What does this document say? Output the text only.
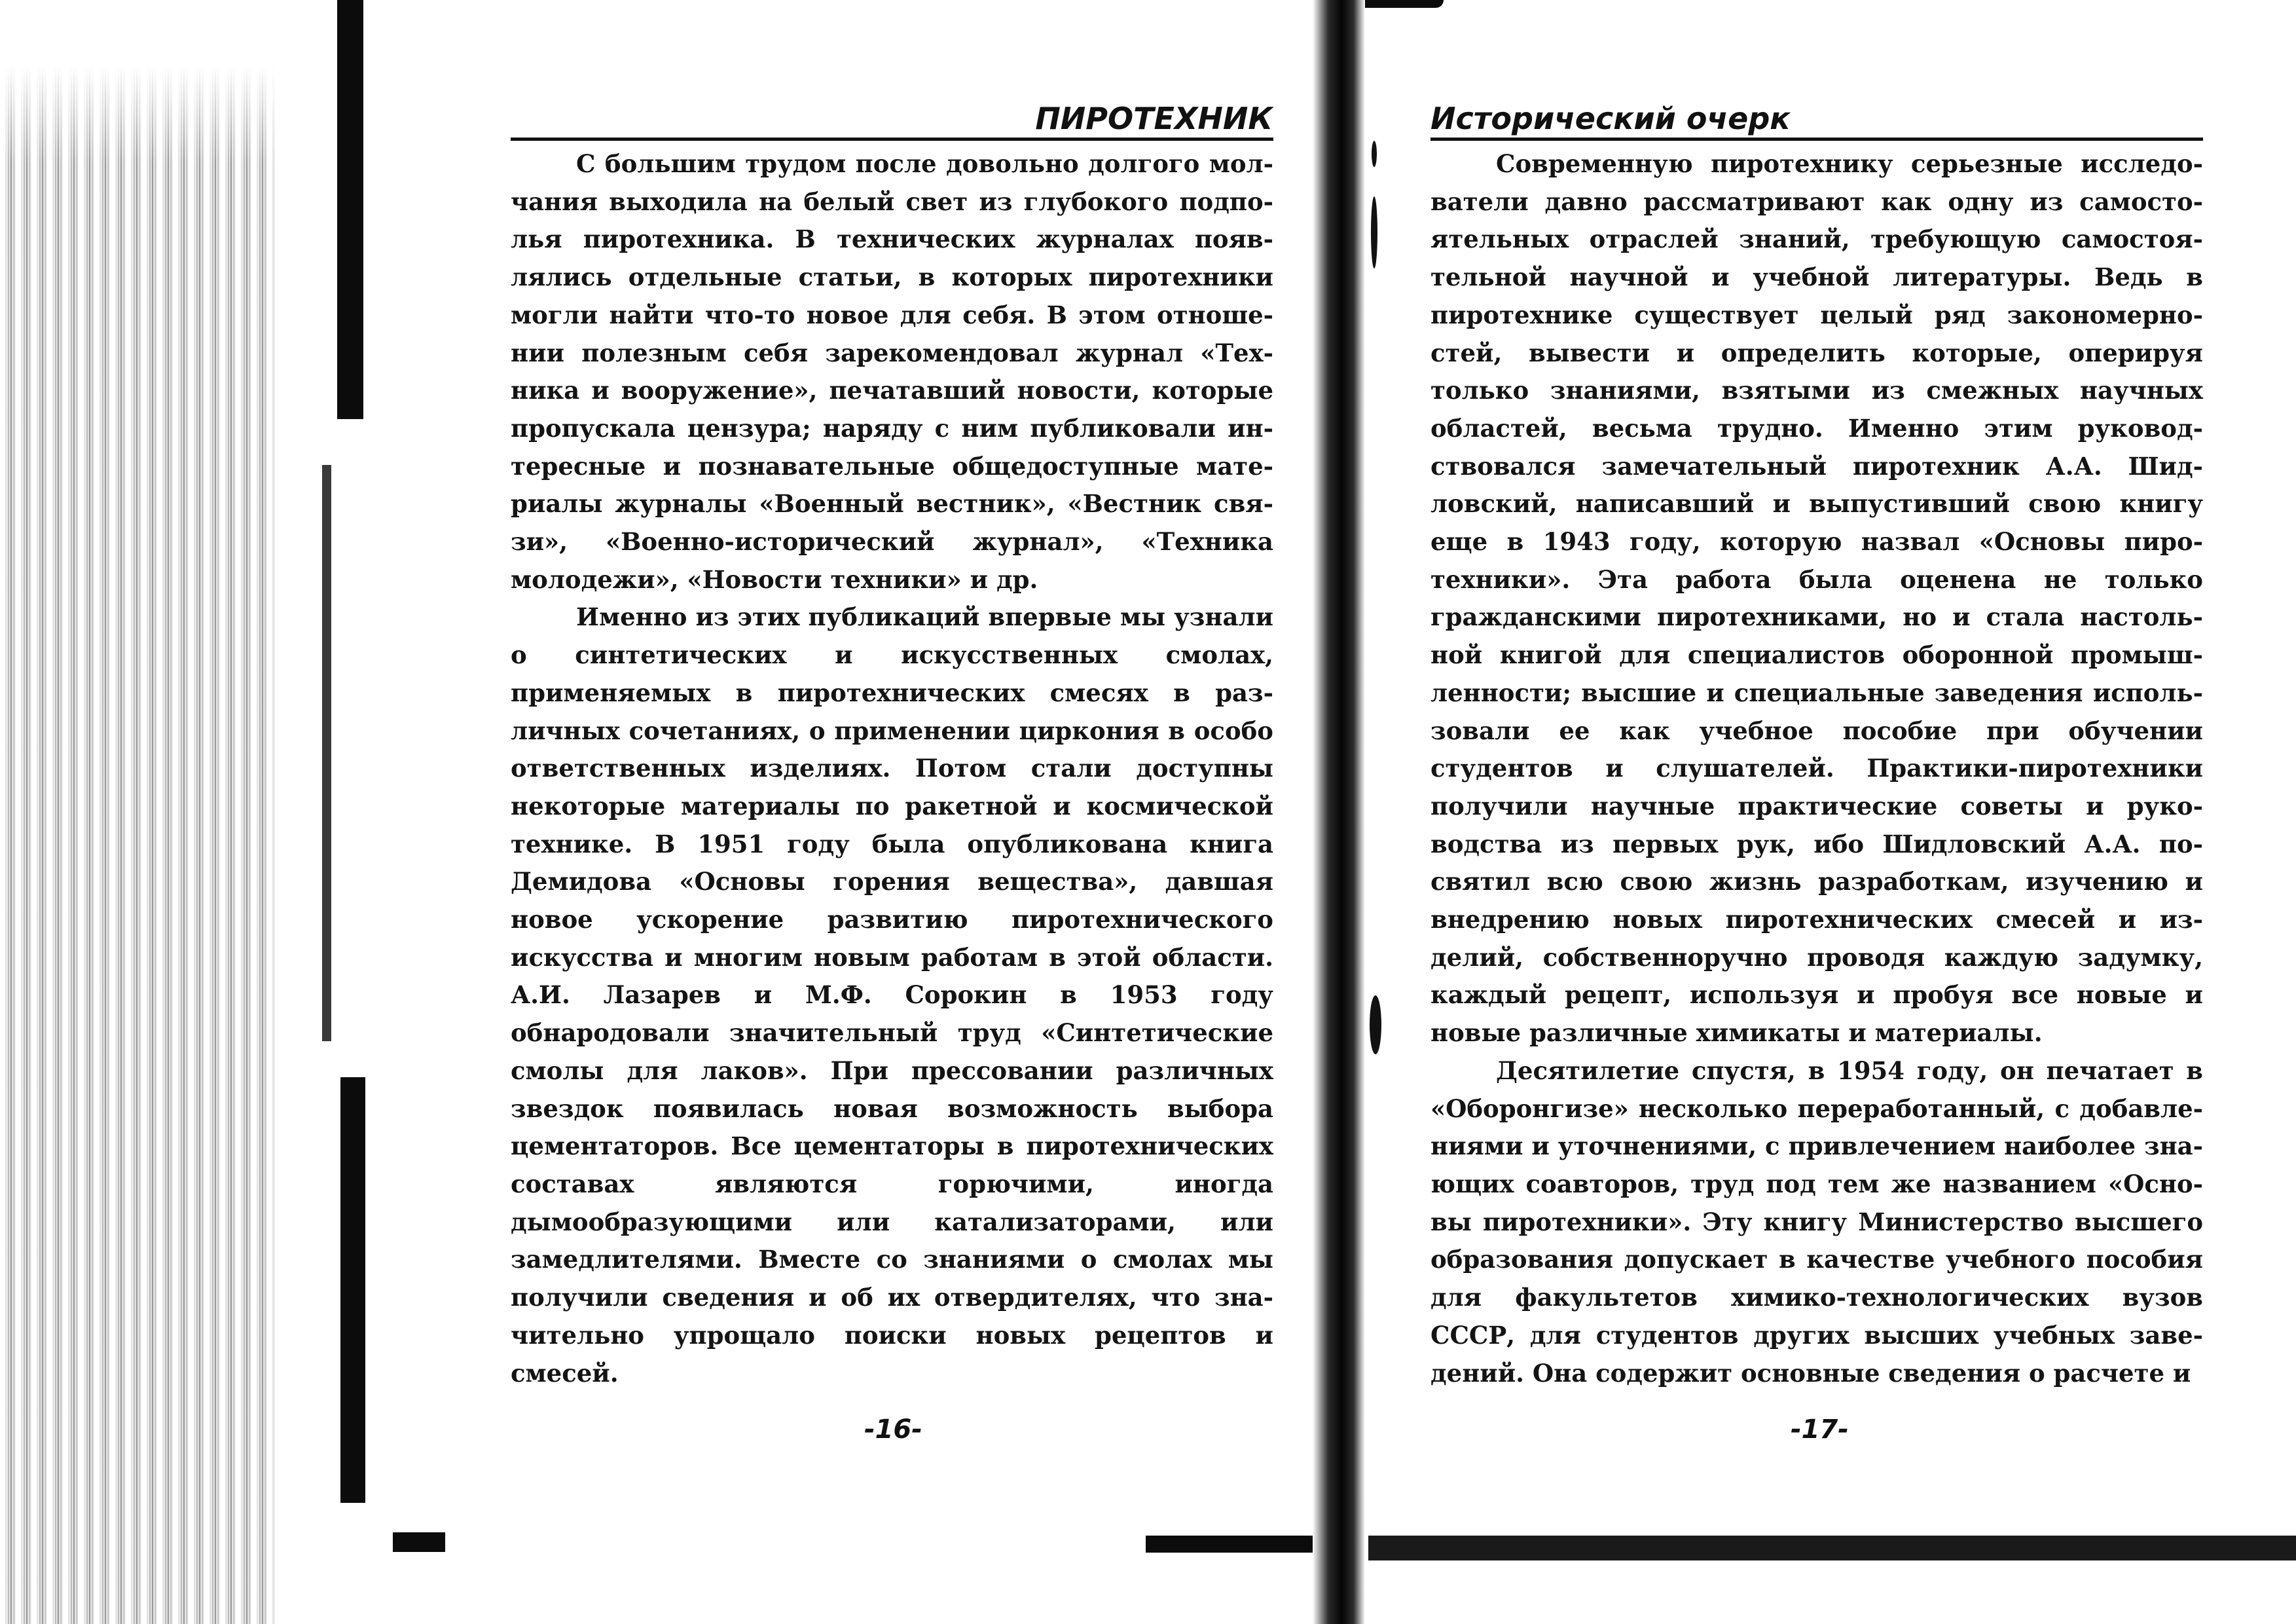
ПИРОТЕХНИК

С большим трудом после довольно долгого молчания выходила на белый свет из глубокого подполья пиротехника. В технических журналах появлялись отдельные статьи, в которых пиротехники могли найти что-то новое для себя. В этом отношении полезным себя зарекомендовал журнал «Техника и вооружение», печатавший новости, которые пропускала цензура; наряду с ним публиковали интересные и познавательные общедоступные материалы журналы «Военный вестник», «Вестник связи», «Военно-исторический журнал», «Техника молодежи», «Новости техники» и др.

Именно из этих публикаций впервые мы узнали о синтетических и искусственных смолах, применяемых в пиротехнических смесях в различных сочетаниях, о применении циркония в особо ответственных изделиях. Потом стали доступны некоторые материалы по ракетной и космической технике. В 1951 году была опубликована книга Демидова «Основы горения вещества», давшая новое ускорение развитию пиротехнического искусства и многим новым работам в этой области. А.И. Лазарев и М.Ф. Сорокин в 1953 году обнародовали значительный труд «Синтетические смолы для лаков». При прессовании различных звездок появилась новая возможность выбора цементаторов. Все цементаторы в пиротехнических составах являются горючими, иногда дымообразующими или катализаторами, или замедлителями. Вместе со знаниями о смолах мы получили сведения и об их отвердителях, что значительно упрощало поиски новых рецептов и смесей.

-16-
Исторический очерк

Современную пиротехнику серьезные исследователи давно рассматривают как одну из самостоятельных отраслей знаний, требующую самостоятельной научной и учебной литературы. Ведь в пиротехнике существует целый ряд закономерностей, вывести и определить которые, оперируя только знаниями, взятыми из смежных научных областей, весьма трудно. Именно этим руководствовался замечательный пиротехник А.А. Шидловский, написавший и выпустивший свою книгу еще в 1943 году, которую назвал «Основы пиротехники». Эта работа была оценена не только гражданскими пиротехниками, но и стала настольной книгой для специалистов оборонной промышленности; высшие и специальные заведения использовали ее как учебное пособие при обучении студентов и слушателей. Практики-пиротехники получили научные практические советы и руководства из первых рук, ибо Шидловский А.А. посвятил всю свою жизнь разработкам, изучению и внедрению новых пиротехнических смесей и изделий, собственноручно проводя каждую задумку, каждый рецепт, используя и пробуя все новые и новые различные химикаты и материалы.

Десятилетие спустя, в 1954 году, он печатает в «Оборонгизе» несколько переработанный, с добавлениями и уточнениями, с привлечением наиболее знающих соавторов, труд под тем же названием «Основы пиротехники». Эту книгу Министерство высшего образования допускает в качестве учебного пособия для факультетов химико-технологических вузов СССР, для студентов других высших учебных заведений. Она содержит основные сведения о расчете и

-17-
